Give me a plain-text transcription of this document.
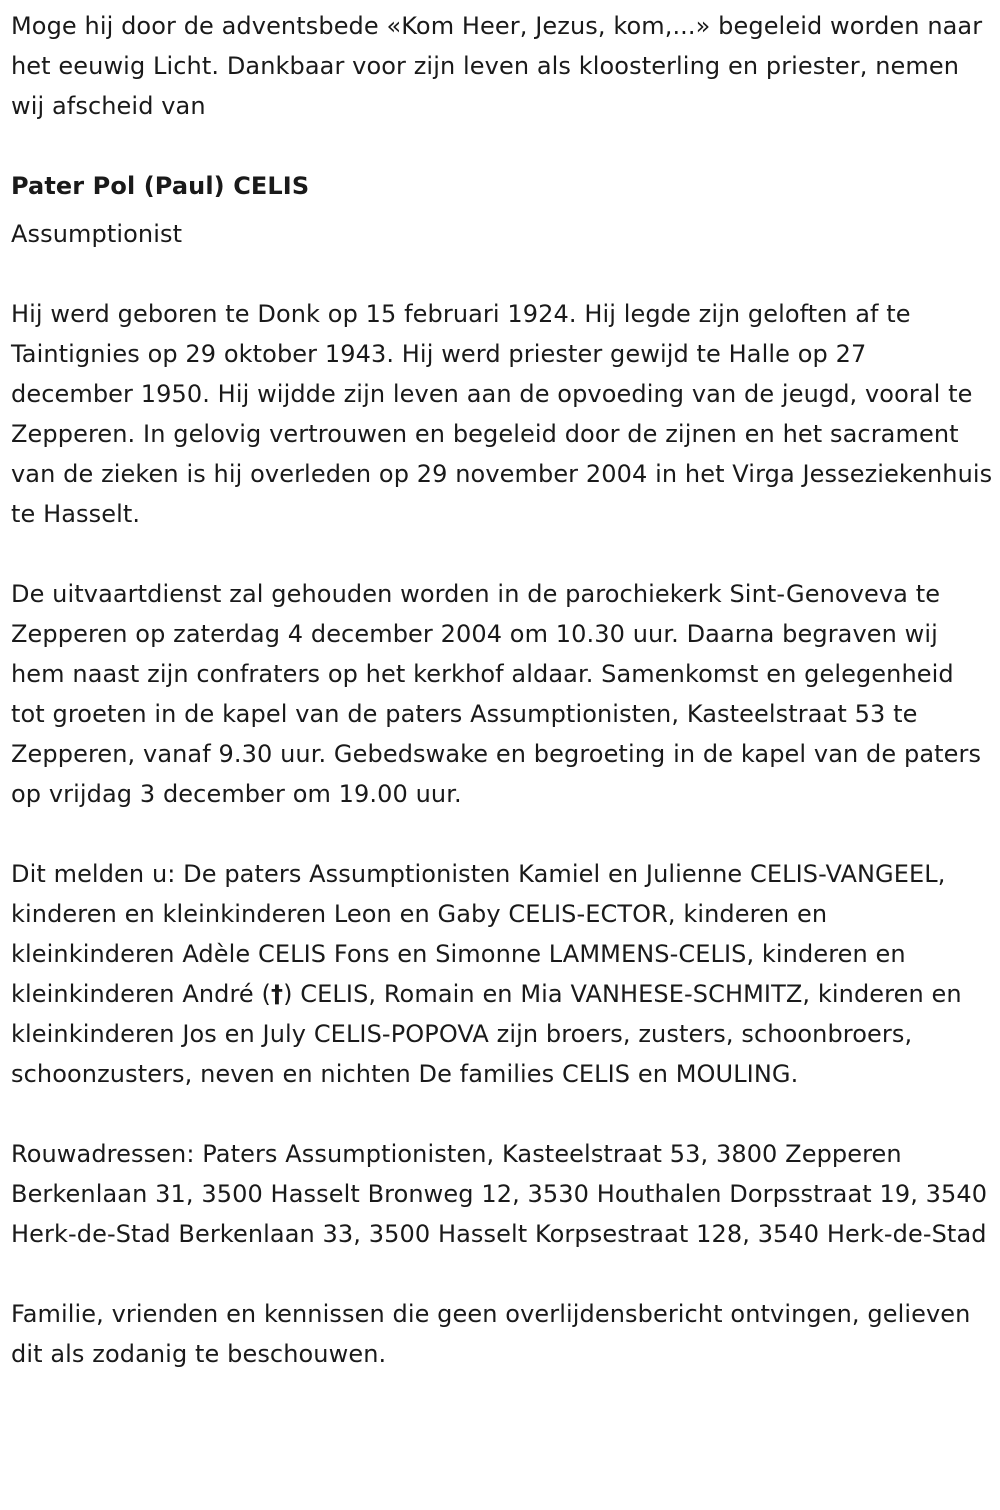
Moge hij door de adventsbede «Kom Heer, Jezus, kom,...» begeleid worden naar het eeuwig Licht. Dankbaar voor zijn leven als kloosterling en priester, nemen wij afscheid van

Pater Pol (Paul) CELIS

Assumptionist

Hij werd geboren te Donk op 15 februari 1924. Hij legde zijn geloften af te Taintignies op 29 oktober 1943. Hij werd priester gewijd te Halle op 27 december 1950. Hij wijdde zijn leven aan de opvoeding van de jeugd, vooral te Zepperen. In gelovig vertrouwen en begeleid door de zijnen en het sacrament van de zieken is hij overleden op 29 november 2004 in het Virga Jesseziekenhuis te Hasselt.

De uitvaartdienst zal gehouden worden in de parochiekerk Sint-Genoveva te Zepperen op zaterdag 4 december 2004 om 10.30 uur. Daarna begraven wij hem naast zijn confraters op het kerkhof aldaar. Samenkomst en gelegenheid tot groeten in de kapel van de paters Assumptionisten, Kasteelstraat 53 te Zepperen, vanaf 9.30 uur. Gebedswake en begroeting in de kapel van de paters op vrijdag 3 december om 19.00 uur.

Dit melden u: De paters Assumptionisten Kamiel en Julienne CELIS-VANGEEL, kinderen en kleinkinderen Leon en Gaby CELIS-ECTOR, kinderen en kleinkinderen Adèle CELIS Fons en Simonne LAMMENS-CELIS, kinderen en kleinkinderen André (†) CELIS, Romain en Mia VANHESE-SCHMITZ, kinderen en kleinkinderen Jos en July CELIS-POPOVA zijn broers, zusters, schoonbroers, schoonzusters, neven en nichten De families CELIS en MOULING.

Rouwadressen: Paters Assumptionisten, Kasteelstraat 53, 3800 Zepperen Berkenlaan 31, 3500 Hasselt Bronweg 12, 3530 Houthalen Dorpsstraat 19, 3540 Herk-de-Stad Berkenlaan 33, 3500 Hasselt Korpsestraat 128, 3540 Herk-de-Stad

Familie, vrienden en kennissen die geen overlijdensbericht ontvingen, gelieven dit als zodanig te beschouwen.
